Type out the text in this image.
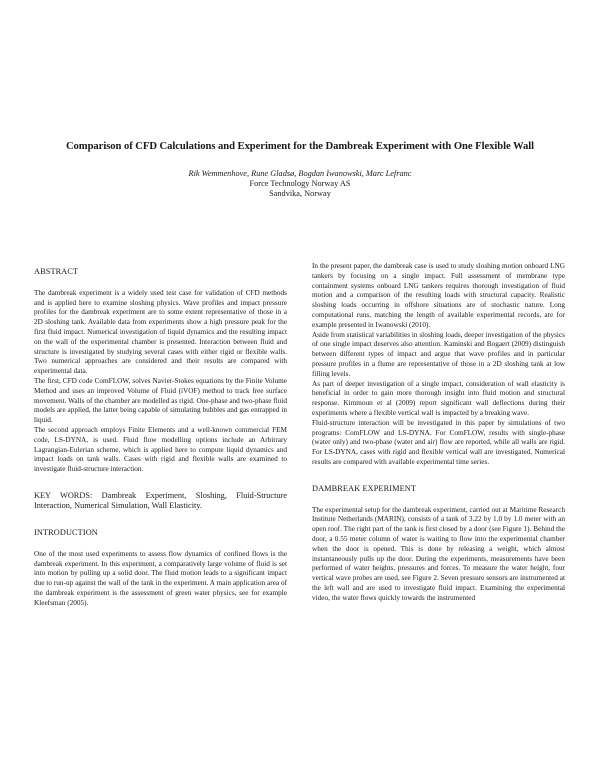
Comparison of CFD Calculations and Experiment for the Dambreak Experiment with One Flexible Wall
Rik Wemmenhove, Rune Gladsø, Bogdan Iwanowski, Marc Lefranc
Force Technology Norway AS
Sandvika, Norway

ABSTRACT

The dambreak experiment is a widely used test case for validation of CFD methods and is applied here to examine sloshing physics. Wave profiles and impact pressure profiles for the dambreak experiment are to some extent representative of those in a 2D sloshing tank. Available data from experiments show a high pressure peak for the first fluid impact. Numerical investigation of liquid dynamics and the resulting impact on the wall of the experimental chamber is presented. Interaction between fluid and structure is investigated by studying several cases with either rigid or flexible walls. Two numerical approaches are considered and their results are compared with experimental data.

The first, CFD code ComFLOW, solves Navier-Stokes equations by the Finite Volume Method and uses an improved Volume of Fluid (iVOF) method to track free surface movement. Walls of the chamber are modelled as rigid. One-phase and two-phase fluid models are applied, the latter being capable of simulating bubbles and gas entrapped in liquid.

The second approach employs Finite Elements and a well-known commercial FEM code, LS-DYNA, is used. Fluid flow modelling options include an Arbitrary Lagrangian-Eulerian scheme, which is applied here to compute liquid dynamics and impact loads on tank walls. Cases with rigid and flexible walls are examined to investigate fluid-structure interaction.

KEY WORDS: Dambreak Experiment, Sloshing, Fluid-Structure Interaction, Numerical Simulation, Wall Elasticity.

INTRODUCTION

One of the most used experiments to assess flow dynamics of confined flows is the dambreak experiment. In this experiment, a comparatively large volume of fluid is set into motion by pulling up a solid door. The fluid motion leads to a significant impact due to run-up against the wall of the tank in the experiment. A main application area of the dambreak experiment is the assessment of green water physics, see for example Kleefsman (2005).

In the present paper, the dambreak case is used to study sloshing motion onboard LNG tankers by focusing on a single impact. Full assessment of membrane type containment systems onboard LNG tankers requires thorough investigation of fluid motion and a comparison of the resulting loads with structural capacity. Realistic sloshing loads occurring in offshore situations are of stochastic nature. Long computational runs, matching the length of available experimental records, are for example presented in Iwanowski (2010).

Aside from statistical variabilities in sloshing loads, deeper investigation of the physics of one single impact deserves also attention. Kaminski and Bogaert (2009) distinguish between different types of impact and argue that wave profiles and in particular pressure profiles in a flume are representative of those in a 2D sloshing tank at low filling levels.

As part of deeper investigation of a single impact, consideration of wall elasticity is beneficial in order to gain more thorough insight into fluid motion and structural response. Kimmoun et al (2009) report significant wall deflections during their experiments where a flexible vertical wall is impacted by a breaking wave.

Fluid-structure interaction will be investigated in this paper by simulations of two programs: ComFLOW and LS-DYNA. For ComFLOW, results with single-phase (water only) and two-phase (water and air) flow are reported, while all walls are rigid. For LS-DYNA, cases with rigid and flexible vertical wall are investigated. Numerical results are compared with available experimental time series.

DAMBREAK EXPERIMENT

The experimental setup for the dambreak experiment, carried out at Maritime Research Institute Netherlands (MARIN), consists of a tank of 3.22 by 1.0 by 1.0 meter with an open roof. The right part of the tank is first closed by a door (see Figure 1). Behind the door, a 0.55 meter column of water is waiting to flow into the experimental chamber when the door is opened. This is done by releasing a weight, which almost instantaneously pulls up the door. During the experiments, measurements have been performed of water heights, pressures and forces. To measure the water height, four vertical wave probes are used, see Figure 2. Seven pressure sensors are instrumented at the left wall and are used to investigate fluid impact. Examining the experimental video, the water flows quickly towards the instrumented
